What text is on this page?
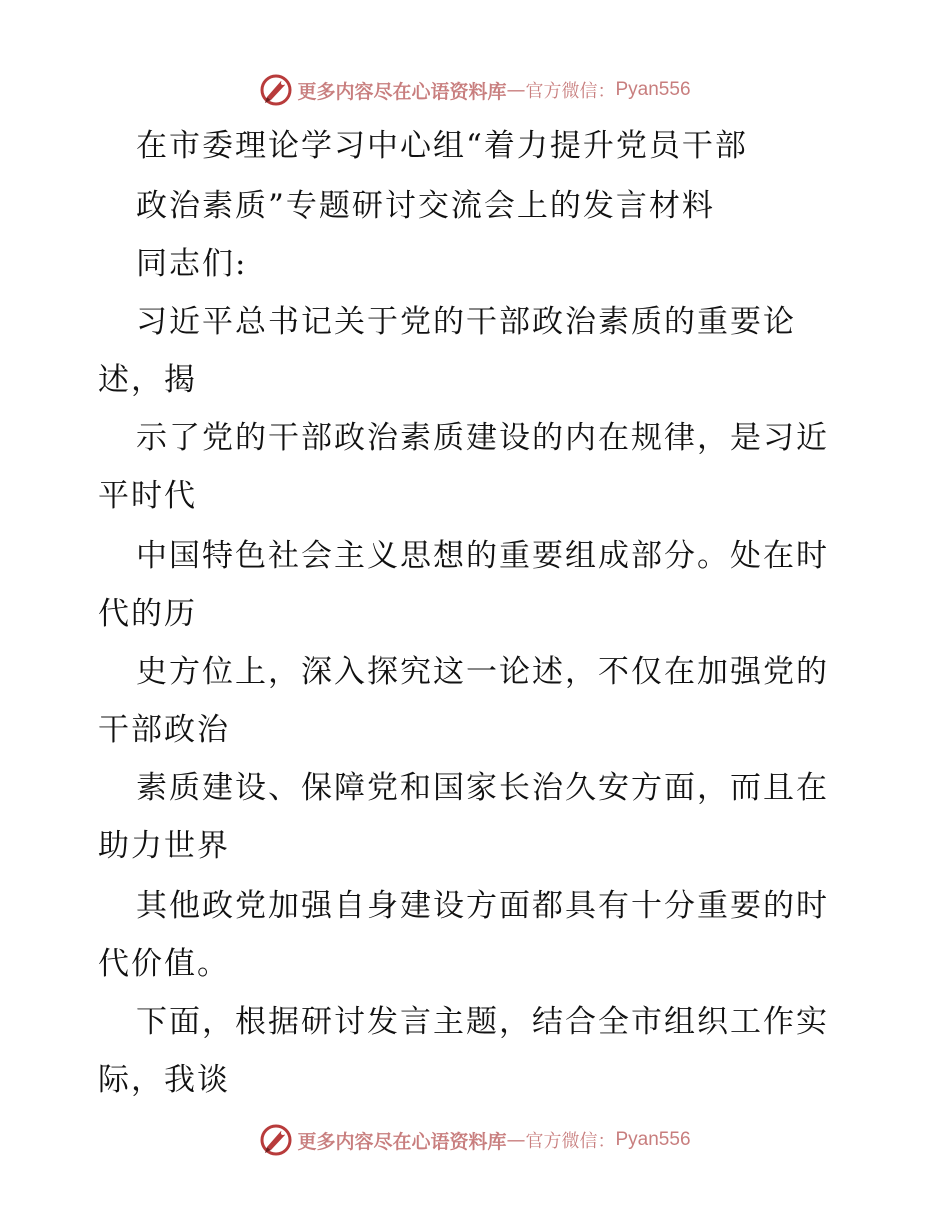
更多内容尽在心语资料库 — 官方微信： Pyan556
在市委理论学习中心组“着力提升党员干部
政治素质”专题研讨交流会上的发言材料
同志们:
习近平总书记关于党的干部政治素质的重要论
述，揭
示了党的干部政治素质建设的内在规律，是习近
平时代
中国特色社会主义思想的重要组成部分。处在时
代的历
史方位上，深入探究这一论述，不仅在加强党的
干部政治
素质建设、保障党和国家长治久安方面，而且在
助力世界
其他政党加强自身建设方面都具有十分重要的时
代价值。
下面，根据研讨发言主题，结合全市组织工作实
际，我谈
更多内容尽在心语资料库 — 官方微信： Pyan556
